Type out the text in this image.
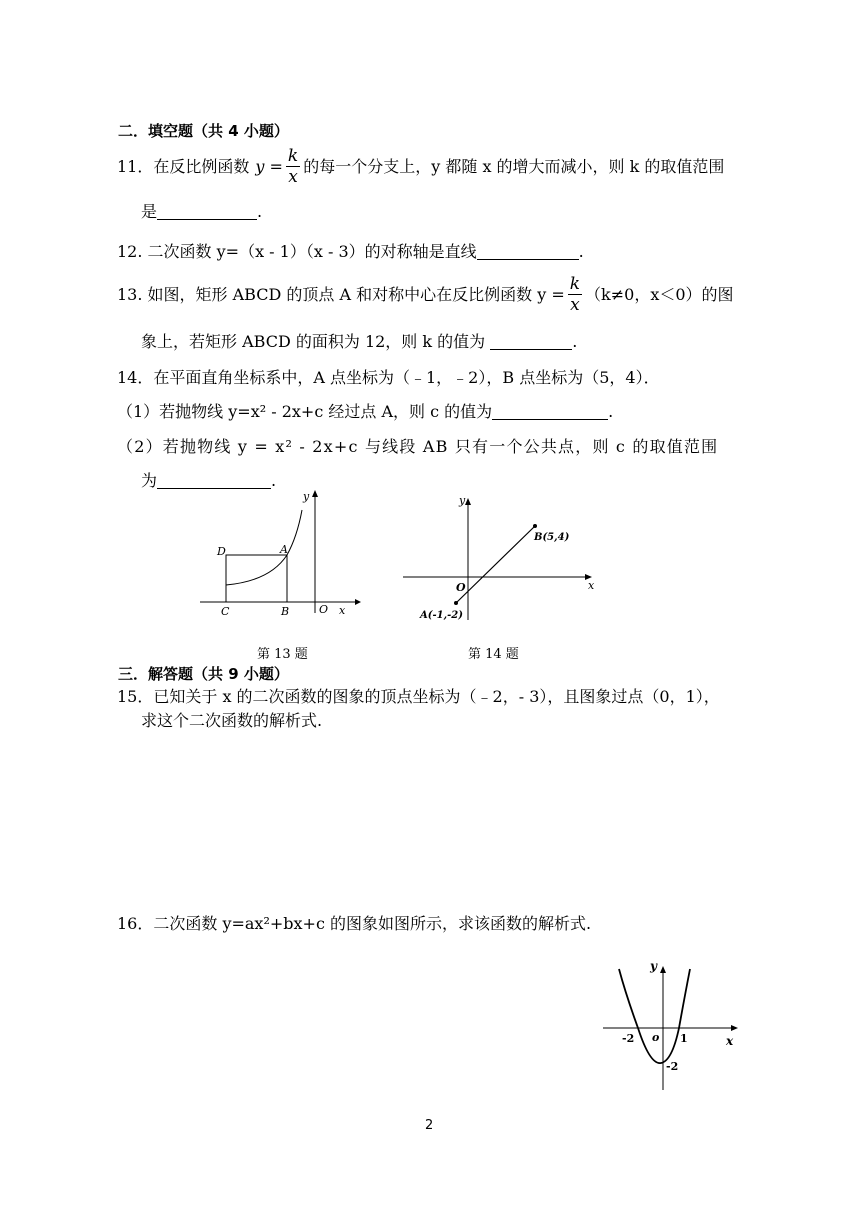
二．填空题（共 4 小题）
11．在反比例函数 $y = \frac{k}{x}$ 的每一个分支上，y 都随 x 的增大而减小，则 k 的取值范围
是	.
12. 二次函数 y=（x - 1）（x - 3）的对称轴是直线	.
13. 如图，矩形 ABCD 的顶点 A 和对称中心在反比例函数 $y = \frac{k}{x} (k\ne 0$，x＜0）的图
象上，若矩形 ABCD 的面积为 12，则 k 的值为	.
14．在平面直角坐标系中，A 点坐标为（﹣1，﹣2），B 点坐标为（5，4）．
（1）若抛物线 y=x² - 2x+c 经过点 A，则 c 的值为	.
（2）若抛物线 y = x² - 2x+c 与线段 AB 只有一个公共点，则 c 的取值范围
为	.
D	A
C	B	O x
y
第 13 题
B(5,4)
A(-1,-2)
O	x
y
第 14 题
三．解答题（共 9 小题）
15．已知关于 x 的二次函数的图象的顶点坐标为（﹣2，- 3），且图象过点（0，1），
求这个二次函数的解析式.
16．二次函数 y=ax²+bx+c 的图象如图所示，求该函数的解析式.
y
x
o
-2	1
-2
2
